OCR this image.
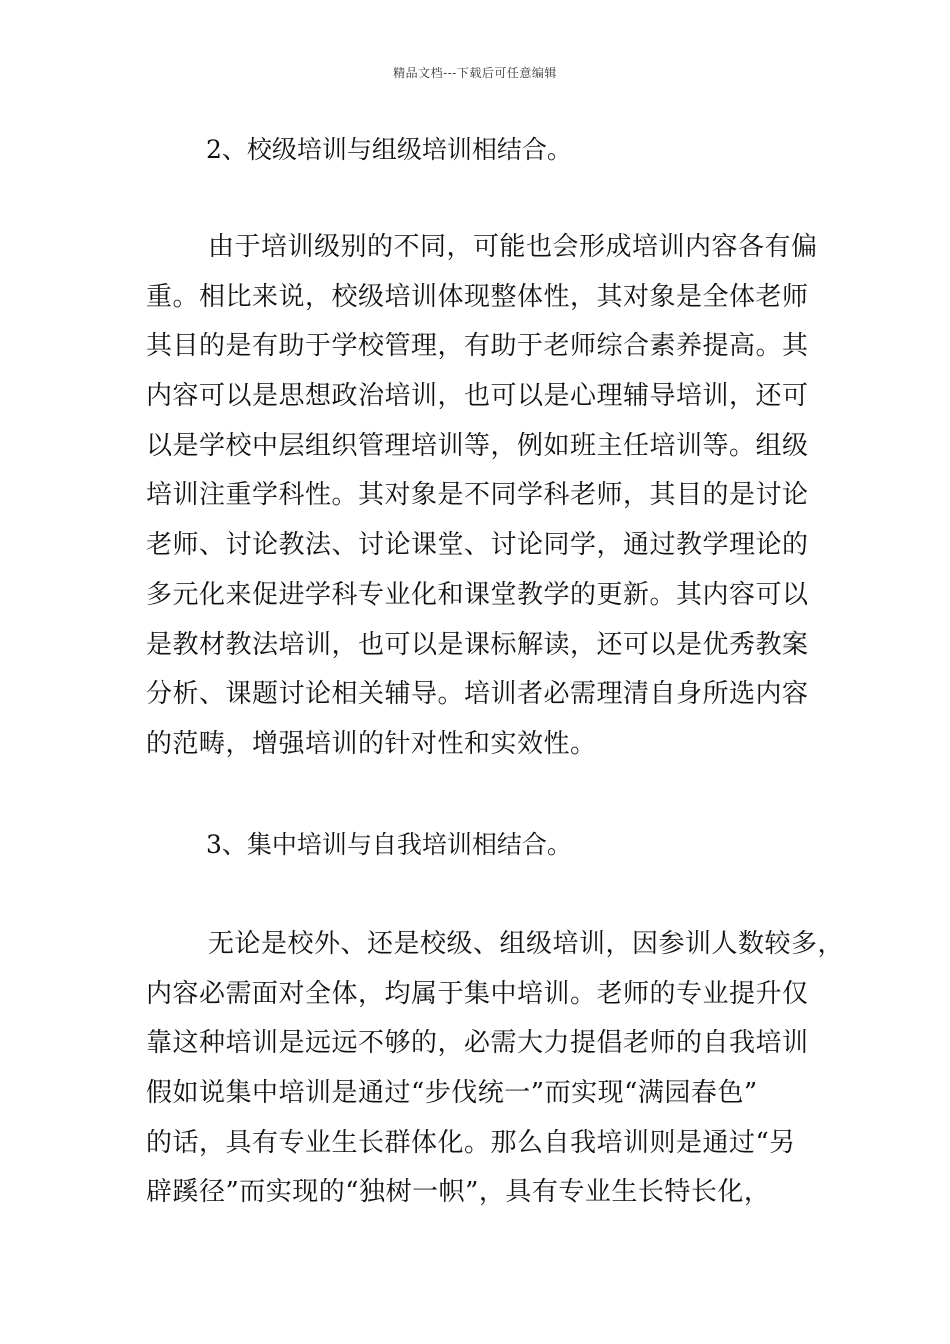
精品文档---下载后可任意编辑
2、校级培训与组级培训相结合。
由于培训级别的不同，可能也会形成培训内容各有偏
重。相比来说，校级培训体现整体性，其对象是全体老师
其目的是有助于学校管理，有助于老师综合素养提高。其
内容可以是思想政治培训，也可以是心理辅导培训，还可
以是学校中层组织管理培训等，例如班主任培训等。组级
培训注重学科性。其对象是不同学科老师，其目的是讨论
老师、讨论教法、讨论课堂、讨论同学，通过教学理论的
多元化来促进学科专业化和课堂教学的更新。其内容可以
是教材教法培训，也可以是课标解读，还可以是优秀教案
分析、课题讨论相关辅导。培训者必需理清自身所选内容
的范畴，增强培训的针对性和实效性。
3、集中培训与自我培训相结合。
无论是校外、还是校级、组级培训，因参训人数较多，
内容必需面对全体，均属于集中培训。老师的专业提升仅
靠这种培训是远远不够的，必需大力提倡老师的自我培训
假如说集中培训是通过“步伐统一”而实现“满园春色”
的话，具有专业生长群体化。那么自我培训则是通过“另
辟蹊径”而实现的“独树一帜”，具有专业生长特长化，
